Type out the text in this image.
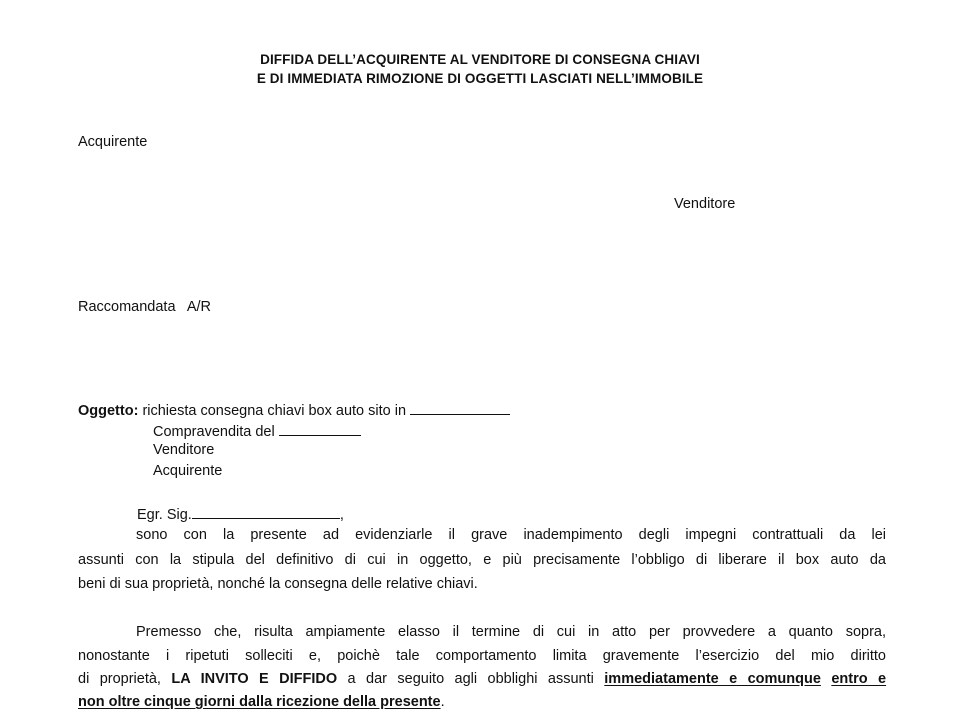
DIFFIDA DELL’ACQUIRENTE AL VENDITORE DI CONSEGNA CHIAVI
E DI IMMEDIATA RIMOZIONE DI OGGETTI LASCIATI NELL’IMMOBILE
Acquirente
Venditore
Raccomandata   A/R
Oggetto: richiesta consegna chiavi box auto sito in
Compravendita del
Venditore
Acquirente
Egr. Sig.	,
sono con la presente ad evidenziarle il grave inadempimento degli impegni contrattuali da lei
assunti con la stipula del definitivo di cui in oggetto, e più precisamente l’obbligo di liberare il box auto da
beni di sua proprietà, nonché la consegna delle relative chiavi.
Premesso che, risulta ampiamente elasso il termine di cui in atto per provvedere a quanto sopra,
nonostante i ripetuti solleciti e, poichè tale comportamento limita gravemente l’esercizio del mio diritto
di proprietà, LA INVITO E DIFFIDO a dar seguito agli obblighi assunti immediatamente e comunque entro e
non oltre cinque giorni dalla ricezione della presente.
